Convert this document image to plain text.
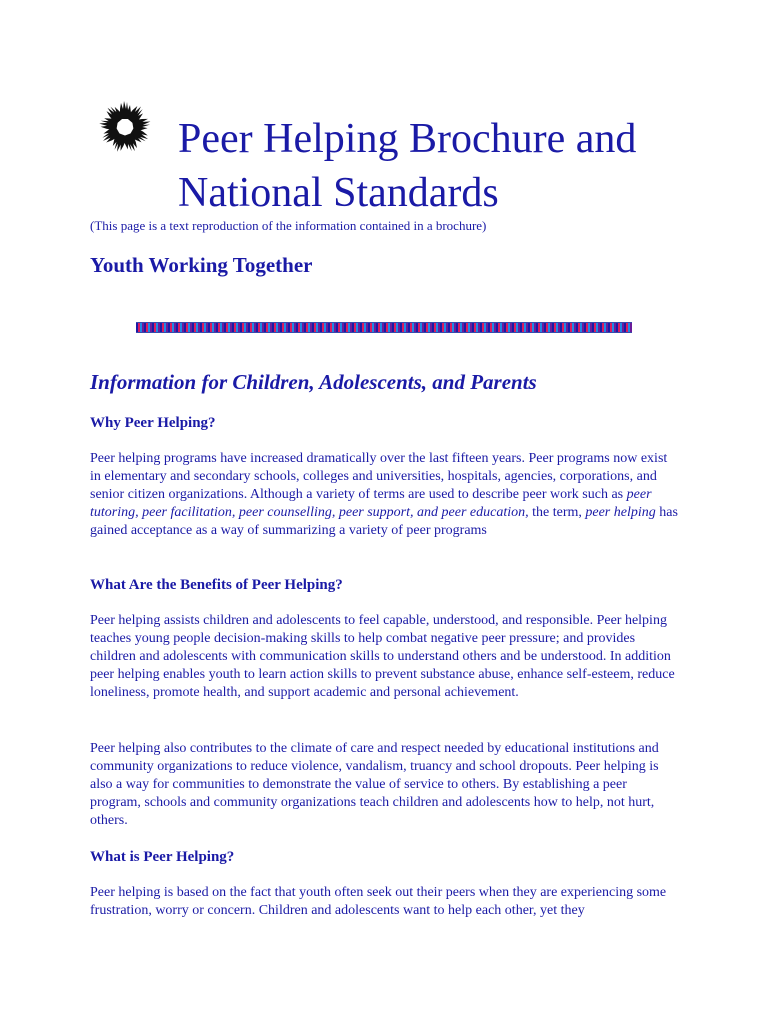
Peer Helping Brochure and National Standards

(This page is a text reproduction of the information contained in a brochure)

Youth Working Together
Information for Children, Adolescents, and Parents
Why Peer Helping?

Peer helping programs have increased dramatically over the last fifteen years. Peer programs now exist in elementary and secondary schools, colleges and universities, hospitals, agencies, corporations, and senior citizen organizations. Although a variety of terms are used to describe peer work such as peer tutoring, peer facilitation, peer counselling, peer support, and peer education, the term, peer helping has gained acceptance as a way of summarizing a variety of peer programs

What Are the Benefits of Peer Helping?

Peer helping assists children and adolescents to feel capable, understood, and responsible. Peer helping teaches young people decision-making skills to help combat negative peer pressure; and provides children and adolescents with communication skills to understand others and be understood. In addition peer helping enables youth to learn action skills to prevent substance abuse, enhance self-esteem, reduce loneliness, promote health, and support academic and personal achievement.

Peer helping also contributes to the climate of care and respect needed by educational institutions and community organizations to reduce violence, vandalism, truancy and school dropouts. Peer helping is also a way for communities to demonstrate the value of service to others. By establishing a peer program, schools and community organizations teach children and adolescents how to help, not hurt, others.

What is Peer Helping?

Peer helping is based on the fact that youth often seek out their peers when they are experiencing some frustration, worry or concern. Children and adolescents want to help each other, yet they
